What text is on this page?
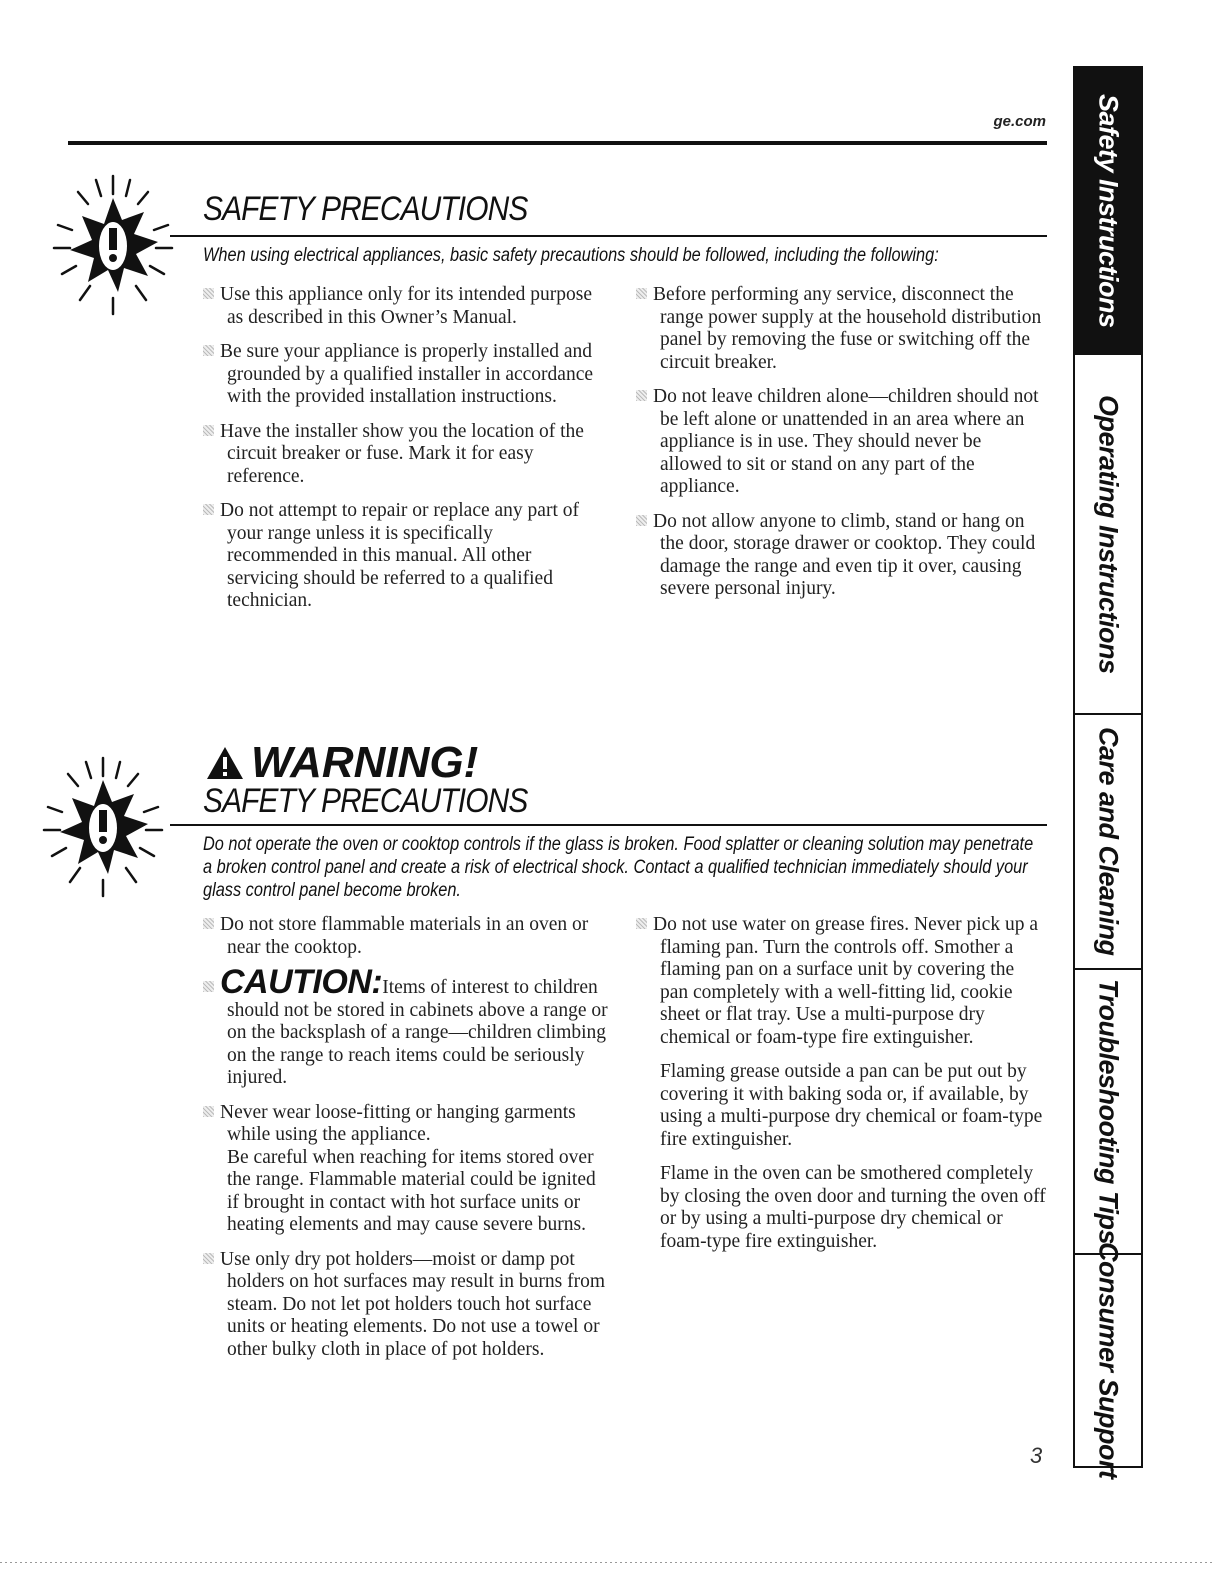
ge.com
SAFETY PRECAUTIONS
When using electrical appliances, basic safety precautions should be followed, including the following:
Use this appliance only for its intended purpose as described in this Owner’s Manual.
Be sure your appliance is properly installed and grounded by a qualified installer in accordance with the provided installation instructions.
Have the installer show you the location of the circuit breaker or fuse. Mark it for easy reference.
Do not attempt to repair or replace any part of your range unless it is specifically recommended in this manual. All other servicing should be referred to a qualified technician.
Before performing any service, disconnect the range power supply at the household distribution panel by removing the fuse or switching off the circuit breaker.
Do not leave children alone—children should not be left alone or unattended in an area where an appliance is in use. They should never be allowed to sit or stand on any part of the appliance.
Do not allow anyone to climb, stand or hang on the door, storage drawer or cooktop. They could damage the range and even tip it over, causing severe personal injury.
WARNING!
SAFETY PRECAUTIONS
Do not operate the oven or cooktop controls if the glass is broken. Food splatter or cleaning solution may penetrate a broken control panel and create a risk of electrical shock. Contact a qualified technician immediately should your glass control panel become broken.
Do not store flammable materials in an oven or near the cooktop.
CAUTION:Items of interest to children should not be stored in cabinets above a range or on the backsplash of a range—children climbing on the range to reach items could be seriously injured.
Never wear loose-fitting or hanging garments while using the appliance.
Be careful when reaching for items stored over the range. Flammable material could be ignited if brought in contact with hot surface units or heating elements and may cause severe burns.
Use only dry pot holders—moist or damp pot holders on hot surfaces may result in burns from steam. Do not let pot holders touch hot surface units or heating elements. Do not use a towel or other bulky cloth in place of pot holders.
Do not use water on grease fires. Never pick up a flaming pan. Turn the controls off. Smother a flaming pan on a surface unit by covering the pan completely with a well-fitting lid, cookie sheet or flat tray. Use a multi-purpose dry chemical or foam-type fire extinguisher.

Flaming grease outside a pan can be put out by covering it with baking soda or, if available, by using a multi-purpose dry chemical or foam-type fire extinguisher.

Flame in the oven can be smothered completely by closing the oven door and turning the oven off or by using a multi-purpose dry chemical or foam-type fire extinguisher.

3
Safety Instructions
Operating Instructions
Care and Cleaning
Troubleshooting Tips
Consumer Support
